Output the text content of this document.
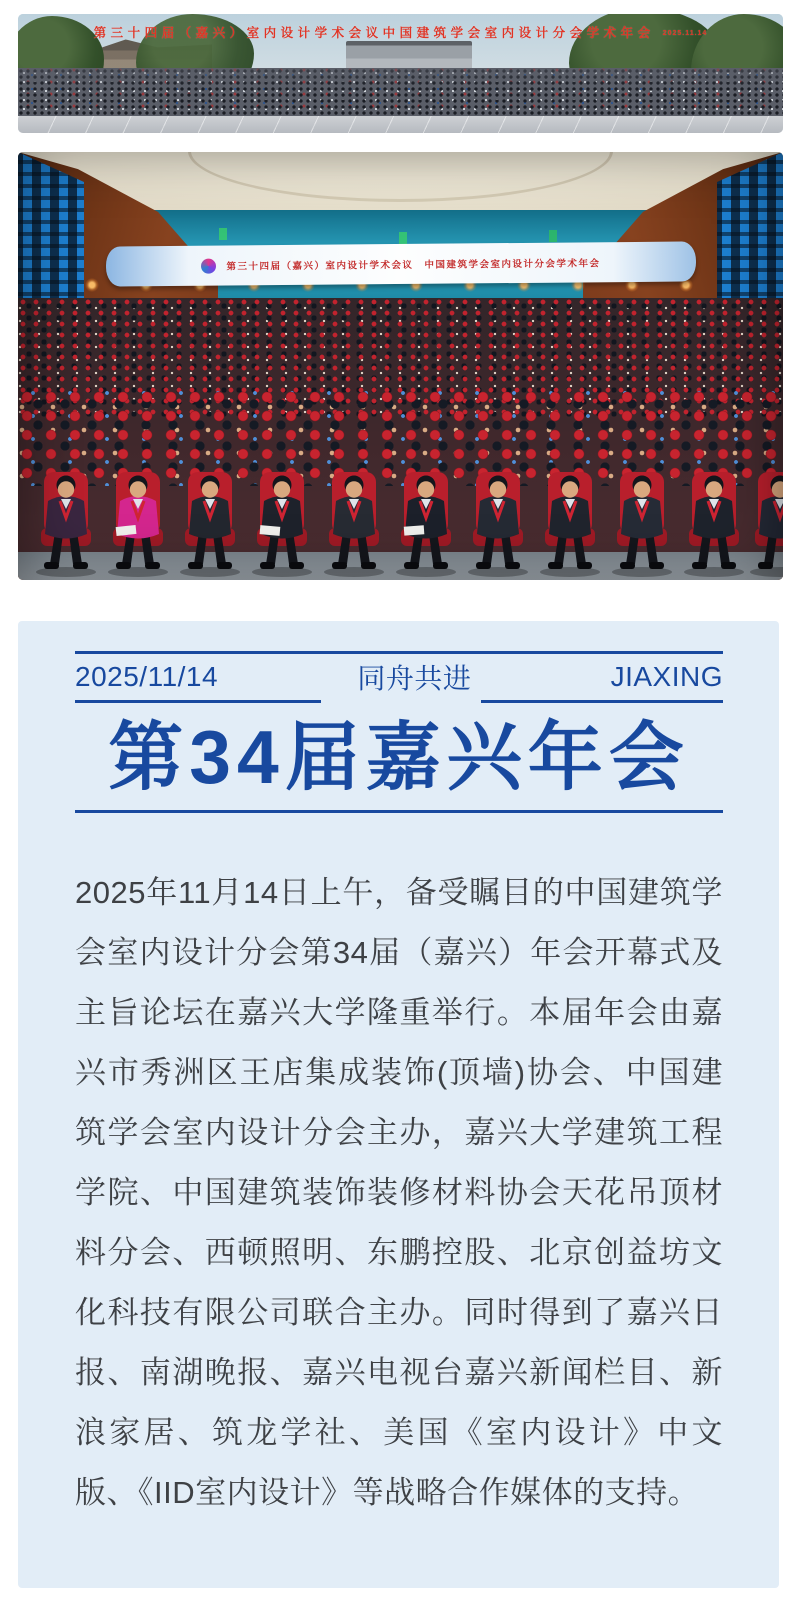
第三十四届（嘉兴）室内设计学术会议中国建筑学会室内设计分会学术年会 2025.11.14
第三十四届（嘉兴）室内设计学术会议　中国建筑学会室内设计分会学术年会
2025/11/14	同舟共进	JIAXING
第34届嘉兴年会

2025年11月14日上午，备受瞩目的中国建筑学会室内设计分会第34届（嘉兴）年会开幕式及主旨论坛在嘉兴大学隆重举行。本届年会由嘉兴市秀洲区王店集成装饰(顶墙)协会、中国建筑学会室内设计分会主办，嘉兴大学建筑工程学院、中国建筑装饰装修材料协会天花吊顶材料分会、西顿照明、东鹏控股、北京创益坊文化科技有限公司联合主办。同时得到了嘉兴日报、南湖晚报、嘉兴电视台嘉兴新闻栏目、新浪家居、筑龙学社、美国《室内设计》中文版、《IID室内设计》等战略合作媒体的支持。
